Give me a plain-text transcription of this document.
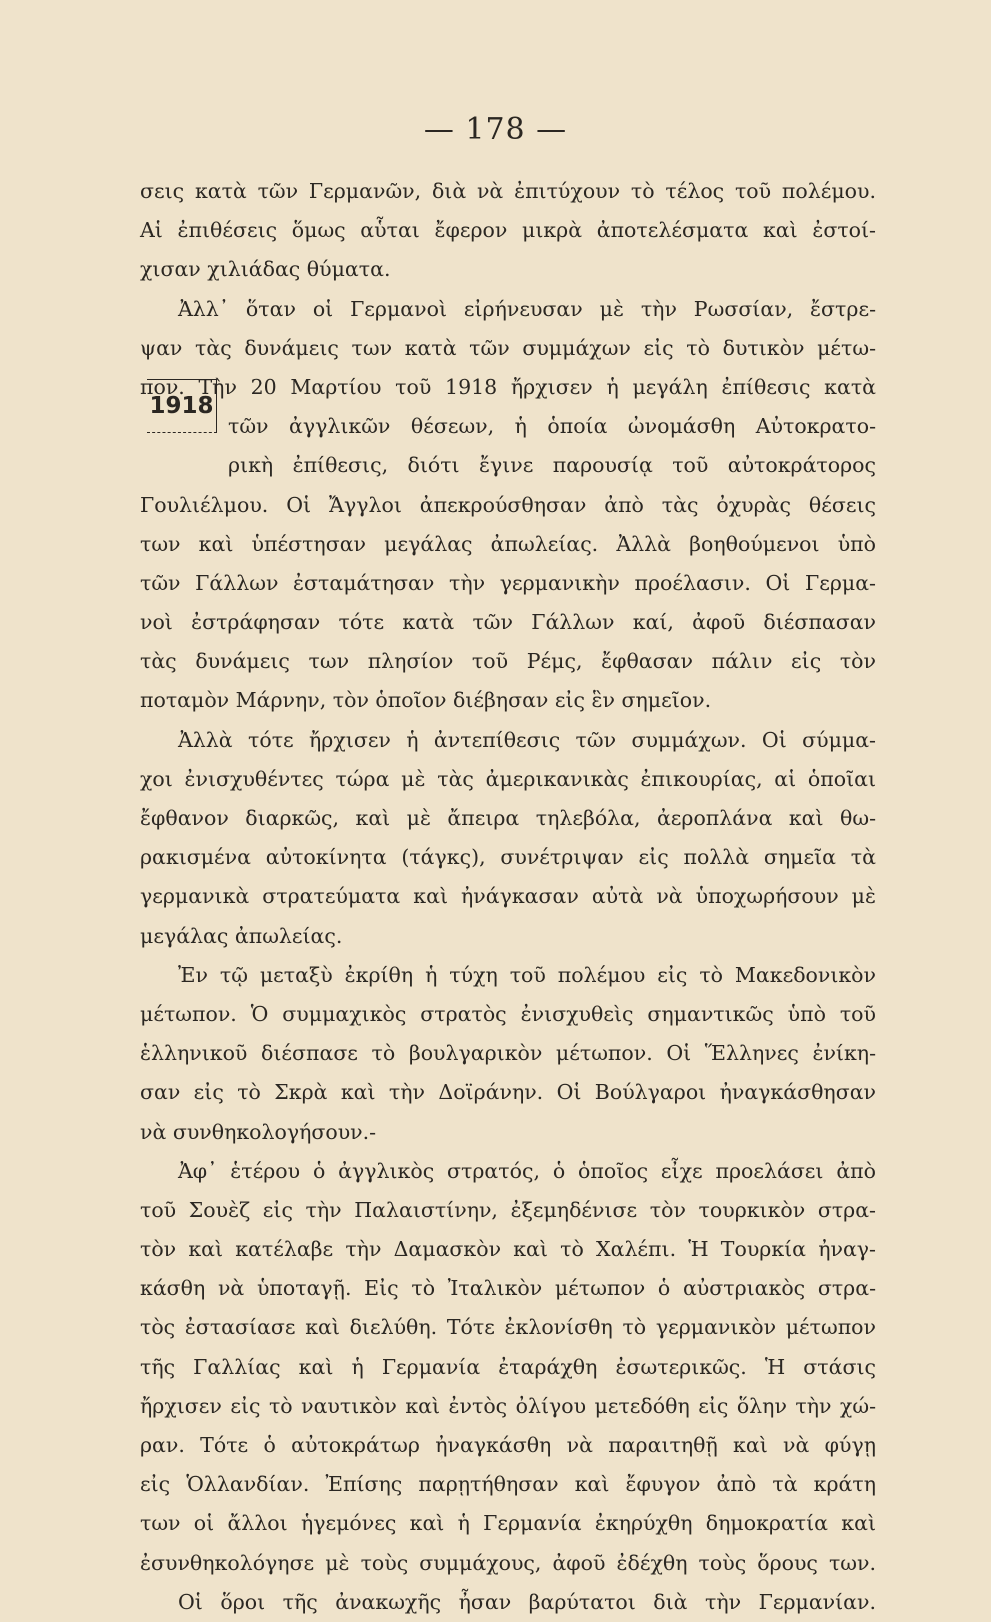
— 178 —
1918
σεις κατὰ τῶν Γερμανῶν, διὰ νὰ ἐπιτύχουν τὸ τέλος τοῦ πολέμου.
Αἱ ἐπιθέσεις ὅμως αὗται ἔφερον μικρὰ ἀποτελέσματα καὶ ἐστοί-
χισαν χιλιάδας θύματα.
Ἀλλ᾿ ὅταν οἱ Γερμανοὶ εἰρήνευσαν μὲ τὴν Ρωσσίαν, ἔστρε-
ψαν τὰς δυνάμεις των κατὰ τῶν συμμάχων εἰς τὸ δυτικὸν μέτω-
πον. Τὴν 20 Μαρτίου τοῦ 1918 ἤρχισεν ἡ μεγάλη ἐπίθεσις κατὰ
τῶν ἀγγλικῶν θέσεων, ἡ ὁποία ὠνομάσθη Αὐτοκρατο-
ρικὴ ἐπίθεσις, διότι ἔγινε παρουσίᾳ τοῦ αὐτοκράτορος
Γουλιέλμου. Οἱ Ἄγγλοι ἀπεκρούσθησαν ἀπὸ τὰς ὀχυρὰς θέσεις
των καὶ ὑπέστησαν μεγάλας ἀπωλείας. Ἀλλὰ βοηθούμενοι ὑπὸ
τῶν Γάλλων ἐσταμάτησαν τὴν γερμανικὴν προέλασιν. Οἱ Γερμα-
νοὶ ἐστράφησαν τότε κατὰ τῶν Γάλλων καί, ἀφοῦ διέσπασαν
τὰς δυνάμεις των πλησίον τοῦ Ρέμς, ἔφθασαν πάλιν εἰς τὸν
ποταμὸν Μάρνην, τὸν ὁποῖον διέβησαν εἰς ἓν σημεῖον.
Ἀλλὰ τότε ἤρχισεν ἡ ἀντεπίθεσις τῶν συμμάχων. Οἱ σύμμα-
χοι ἐνισχυθέντες τώρα μὲ τὰς ἀμερικανικὰς ἐπικουρίας, αἱ ὁποῖαι
ἔφθανον διαρκῶς, καὶ μὲ ἄπειρα τηλεβόλα, ἀεροπλάνα καὶ θω-
ρακισμένα αὐτοκίνητα (τάγκς), συνέτριψαν εἰς πολλὰ σημεῖα τὰ
γερμανικὰ στρατεύματα καὶ ἠνάγκασαν αὐτὰ νὰ ὑποχωρήσουν μὲ
μεγάλας ἀπωλείας.
Ἐν τῷ μεταξὺ ἐκρίθη ἡ τύχη τοῦ πολέμου εἰς τὸ Μακεδονικὸν
μέτωπον. Ὁ συμμαχικὸς στρατὸς ἐνισχυθεὶς σημαντικῶς ὑπὸ τοῦ
ἑλληνικοῦ διέσπασε τὸ βουλγαρικὸν μέτωπον. Οἱ Ἕλληνες ἐνίκη-
σαν εἰς τὸ Σκρὰ καὶ τὴν Δοϊράνην. Οἱ Βούλγαροι ἠναγκάσθησαν
νὰ συνθηκολογήσουν.-
Ἀφ᾿ ἑτέρου ὁ ἀγγλικὸς στρατός, ὁ ὁποῖος εἶχε προελάσει ἀπὸ
τοῦ Σουὲζ εἰς τὴν Παλαιστίνην, ἐξεμηδένισε τὸν τουρκικὸν στρα-
τὸν καὶ κατέλαβε τὴν Δαμασκὸν καὶ τὸ Χαλέπι. Ἡ Τουρκία ἠναγ-
κάσθη νὰ ὑποταγῇ. Εἰς τὸ Ἰταλικὸν μέτωπον ὁ αὐστριακὸς στρα-
τὸς ἐστασίασε καὶ διελύθη. Τότε ἐκλονίσθη τὸ γερμανικὸν μέτωπον
τῆς Γαλλίας καὶ ἡ Γερμανία ἐταράχθη ἐσωτερικῶς. Ἡ στάσις
ἤρχισεν εἰς τὸ ναυτικὸν καὶ ἐντὸς ὀλίγου μετεδόθη εἰς ὅλην τὴν χώ-
ραν. Τότε ὁ αὐτοκράτωρ ἠναγκάσθη νὰ παραιτηθῇ καὶ νὰ φύγῃ
εἰς Ὁλλανδίαν. Ἐπίσης παρῃτήθησαν καὶ ἔφυγον ἀπὸ τὰ κράτη
των οἱ ἄλλοι ἡγεμόνες καὶ ἡ Γερμανία ἐκηρύχθη δημοκρατία καὶ
ἐσυνθηκολόγησε μὲ τοὺς συμμάχους, ἀφοῦ ἐδέχθη τοὺς ὅρους των.
Οἱ ὅροι τῆς ἀνακωχῆς ἦσαν βαρύτατοι διὰ τὴν Γερμανίαν.
